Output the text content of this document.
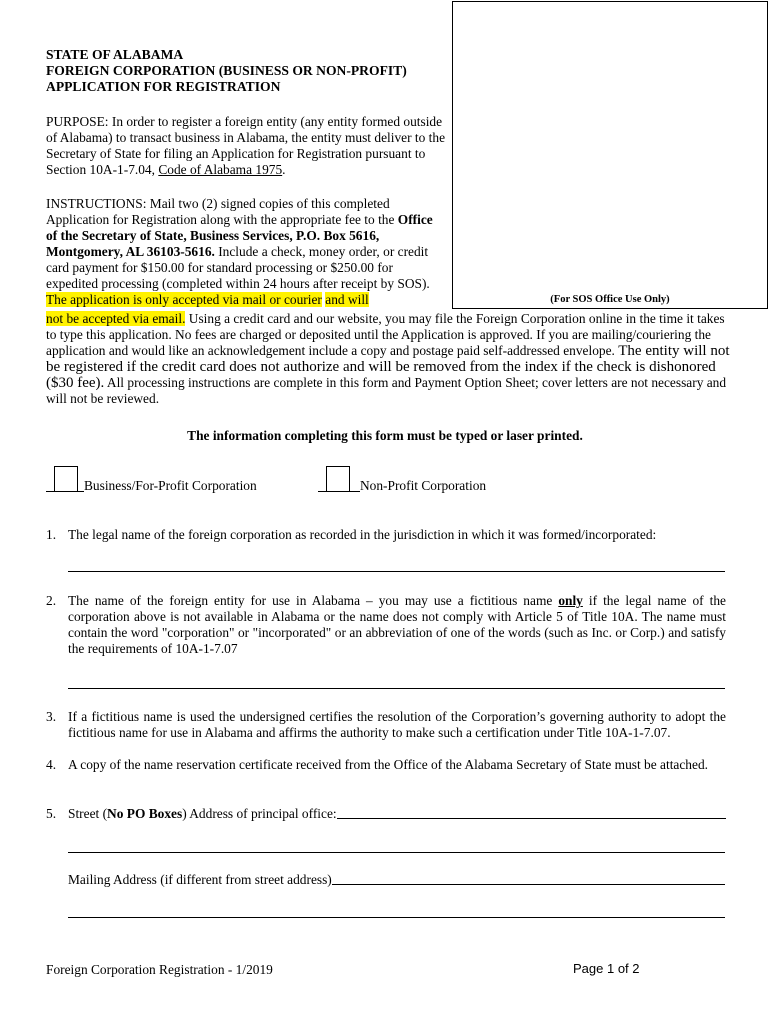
(For SOS Office Use Only)
STATE OF ALABAMA
FOREIGN CORPORATION (BUSINESS OR NON-PROFIT)
APPLICATION FOR REGISTRATION
PURPOSE: In order to register a foreign entity (any entity formed outside of Alabama) to transact business in Alabama, the entity must deliver to the Secretary of State for filing an Application for Registration pursuant to Section 10A-1-7.04, Code of Alabama 1975.
INSTRUCTIONS: Mail two (2) signed copies of this completed Application for Registration along with the appropriate fee to the Office of the Secretary of State, Business Services, P.O. Box 5616, Montgomery, AL 36103-5616. Include a check, money order, or credit card payment for $150.00 for standard processing or $250.00 for expedited processing (completed within 24 hours after receipt by SOS). The application is only accepted via mail or courier and will
not be accepted via email. Using a credit card and our website, you may file the Foreign Corporation online in the time it takes to type this application. No fees are charged or deposited until the Application is approved. If you are mailing/couriering the application and would like an acknowledgement include a copy and postage paid self-addressed envelope. The entity will not be registered if the credit card does not authorize and will be removed from the index if the check is dishonored ($30 fee). All processing instructions are complete in this form and Payment Option Sheet; cover letters are not necessary and will not be reviewed.
The information completing this form must be typed or laser printed.
Business/For-Profit Corporation	Non-Profit Corporation
1. The legal name of the foreign corporation as recorded in the jurisdiction in which it was formed/incorporated:
2. The name of the foreign entity for use in Alabama – you may use a fictitious name only if the legal name of the corporation above is not available in Alabama or the name does not comply with Article 5 of Title 10A. The name must contain the word "corporation" or "incorporated" or an abbreviation of one of the words (such as Inc. or Corp.) and satisfy the requirements of 10A-1-7.07
3. If a fictitious name is used the undersigned certifies the resolution of the Corporation’s governing authority to adopt the fictitious name for use in Alabama and affirms the authority to make such a certification under Title 10A-1-7.07.
4. A copy of the name reservation certificate received from the Office of the Alabama Secretary of State must be attached.
5. Street (No PO Boxes) Address of principal office:
Mailing Address (if different from street address)
Foreign Corporation Registration - 1/2019	Page 1 of 2
